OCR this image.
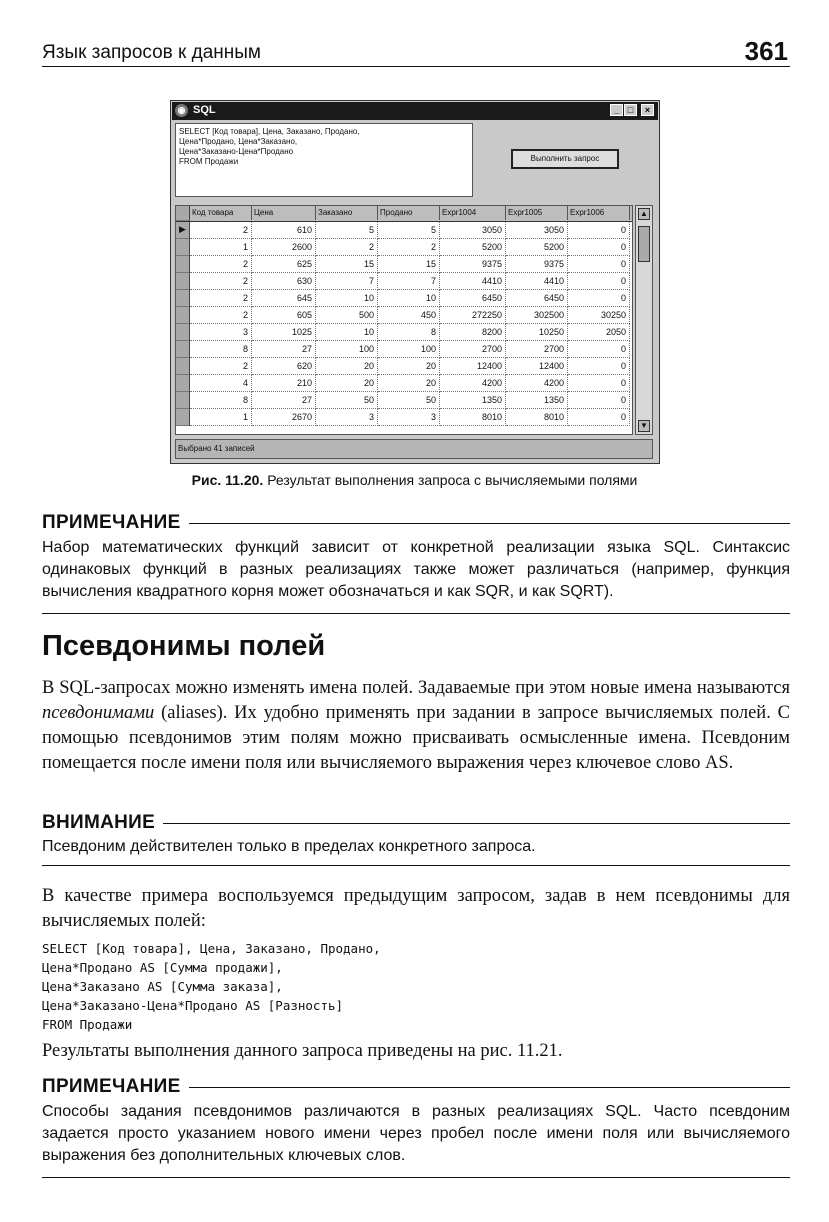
Язык запросов к данным	361
◉ SQL	_ □	×
SELECT [Код товара], Цена, Заказано, Продано,
Цена*Продано, Цена*Заказано,
Цена*Заказано-Цена*Продано
FROM Продажи	Выполнить запрос
Код товара	Цена	Заказано	Продано	Expr1004	Expr1005	Expr1006
▶	2	610	5	5	3050	3050	0
1	2600	2	2	5200	5200	0
2	625	15	15	9375	9375	0
2	630	7	7	4410	4410	0
2	645	10	10	6450	6450	0
2	605	500	450	272250	302500	30250
3	1025	10	8	8200	10250	2050
8	27	100	100	2700	2700	0
2	620	20	20	12400	12400	0
4	210	20	20	4200	4200	0
8	27	50	50	1350	1350	0
1	2670	3	3	8010	8010	0
▲
▼
Выбрано 41 записей
Рис. 11.20. Результат выполнения запроса с вычисляемыми полями
ПРИМЕЧАНИЕ
Набор математических функций зависит от конкретной реализации языка SQL. Синтаксис одинаковых функций в разных реализациях также может различаться (например, функция вычисления квадратного корня может обозначаться и как SQR, и как SQRT).
Псевдонимы полей
В SQL-запросах можно изменять имена полей. Задаваемые при этом новые имена называются псевдонимами (aliases). Их удобно применять при задании в запросе вычисляемых полей. С помощью псевдонимов этим полям можно присваивать осмысленные имена. Псевдоним помещается после имени поля или вычисляемого выражения через ключевое слово AS.
ВНИМАНИЕ
Псевдоним действителен только в пределах конкретного запроса.
В качестве примера воспользуемся предыдущим запросом, задав в нем псевдонимы для вычисляемых полей:
SELECT [Код товара], Цена, Заказано, Продано,
Цена*Продано AS [Сумма продажи],
Цена*Заказано AS [Сумма заказа],
Цена*Заказано-Цена*Продано AS [Разность]
FROM Продажи
Результаты выполнения данного запроса приведены на рис. 11.21.
ПРИМЕЧАНИЕ
Способы задания псевдонимов различаются в разных реализациях SQL. Часто псевдоним задается просто указанием нового имени через пробел после имени поля или вычисляемого выражения без дополнительных ключевых слов.
